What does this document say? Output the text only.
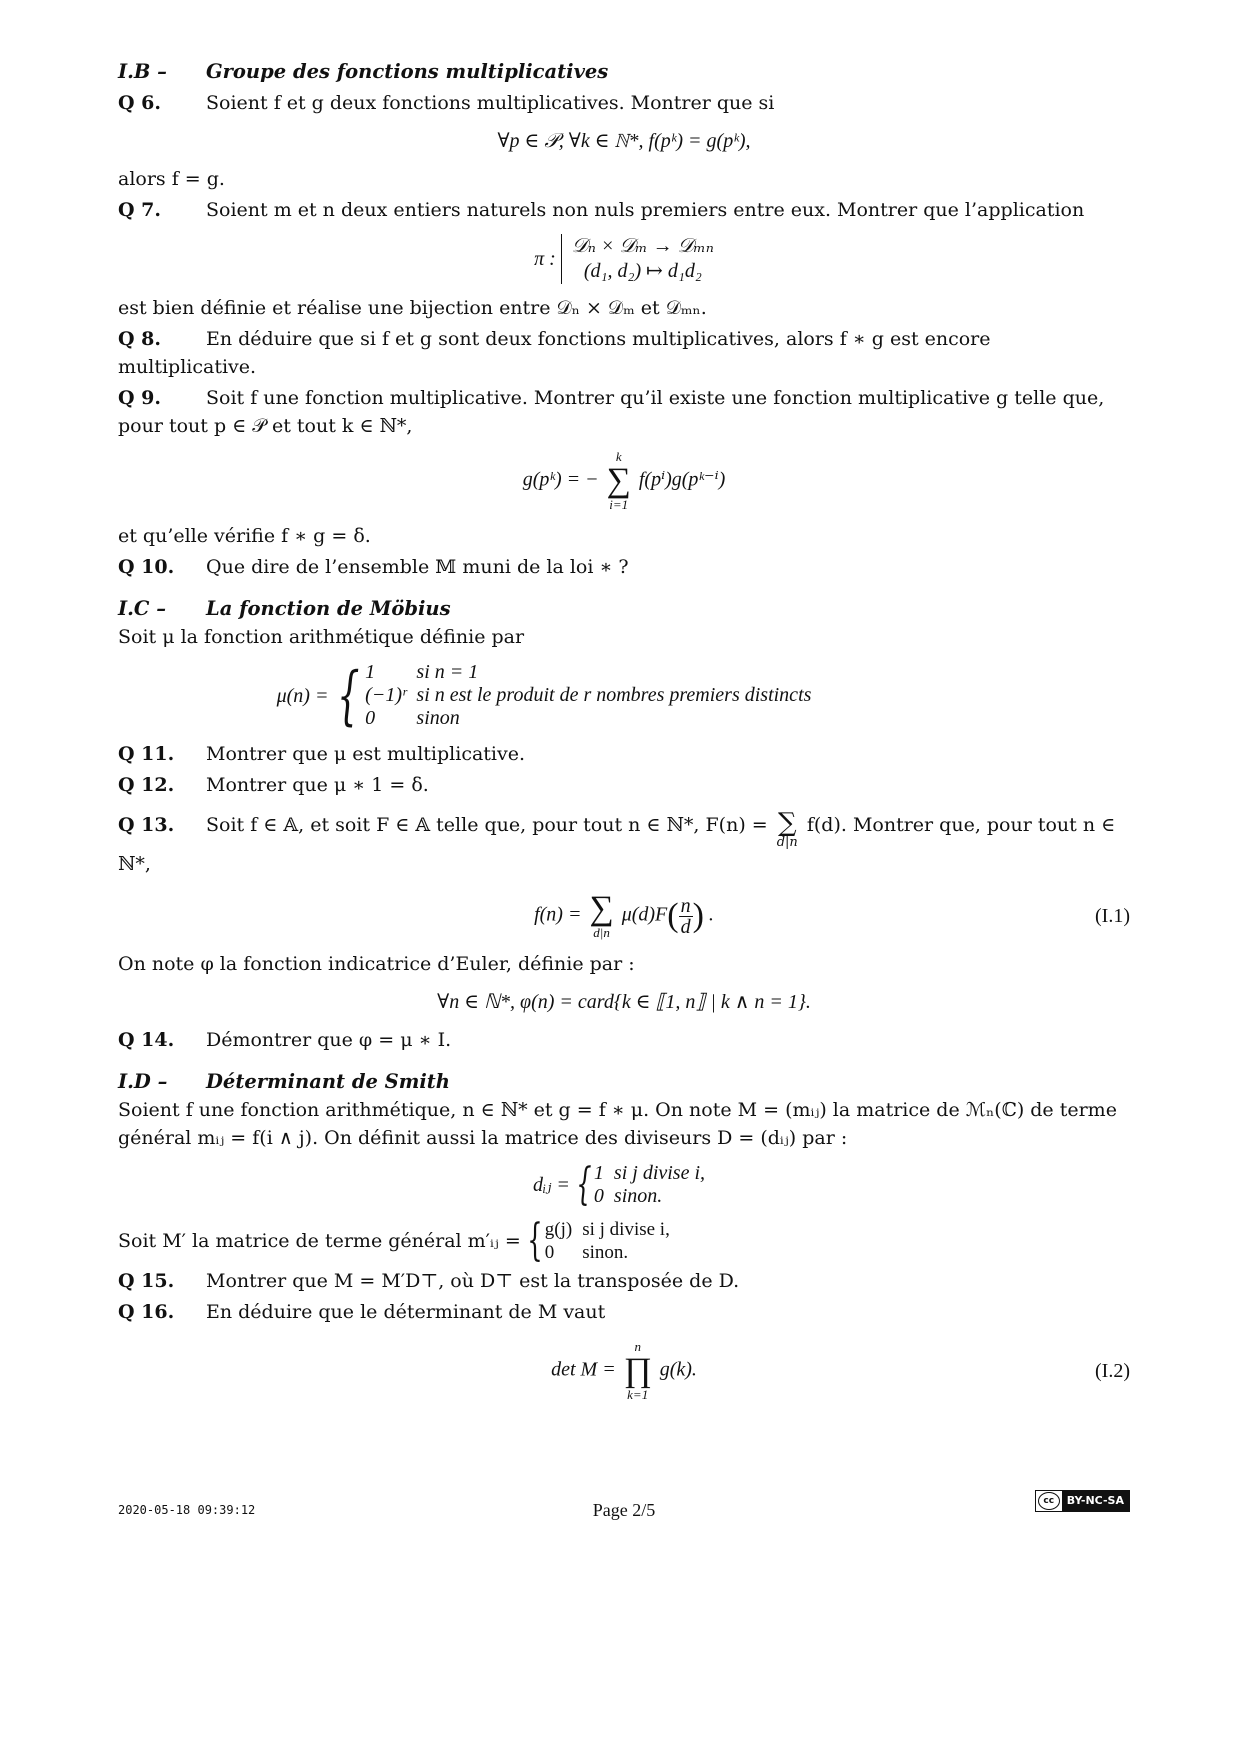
I.B – Groupe des fonctions multiplicatives
Q 6. Soient f et g deux fonctions multiplicatives. Montrer que si
∀p ∈ 𝒫, ∀k ∈ ℕ*, f(pᵏ) = g(pᵏ),
alors f = g.
Q 7. Soient m et n deux entiers naturels non nuls premiers entre eux. Montrer que l’application
π : 𝒟ₙ × 𝒟ₘ → 𝒟ₘₙ
(d₁, d₂) ↦ d₁d₂
est bien définie et réalise une bijection entre 𝒟ₙ × 𝒟ₘ et 𝒟ₘₙ.
Q 8. En déduire que si f et g sont deux fonctions multiplicatives, alors f ∗ g est encore multiplicative.
Q 9. Soit f une fonction multiplicative. Montrer qu’il existe une fonction multiplicative g telle que, pour tout p ∈ 𝒫 et tout k ∈ ℕ*,
g(pᵏ) = −
k
∑
i=1
f(pⁱ)g(pᵏ⁻ⁱ)
et qu’elle vérifie f ∗ g = δ.
Q 10. Que dire de l’ensemble 𝕄 muni de la loi ∗ ?
I.C – La fonction de Möbius
Soit μ la fonction arithmétique définie par
μ(n) = { 1	si n = 1
(−1)ʳ	si n est le produit de r nombres premiers distincts
0	sinon
Q 11. Montrer que μ est multiplicative.
Q 12. Montrer que μ ∗ 1 = δ.
Q 13. Soit f ∈ 𝔸, et soit F ∈ 𝔸 telle que, pour tout n ∈ ℕ*, F(n) = ∑
d|n
f(d). Montrer que, pour tout n ∈ ℕ*,
f(n) = ∑
d|n
$\mu(d)F( \frac{n}{d}$ ) .	(I.1)
On note φ la fonction indicatrice d’Euler, définie par :
∀n ∈ ℕ*, φ(n) = card{k ∈ ⟦1, n⟧ | k ∧ n = 1}.
Q 14. Démontrer que φ = μ ∗ I.
I.D – Déterminant de Smith
Soient f une fonction arithmétique, n ∈ ℕ* et g = f ∗ μ. On note M = (mᵢⱼ) la matrice de ℳₙ(ℂ) de terme général mᵢⱼ = f(i ∧ j). On définit aussi la matrice des diviseurs D = (dᵢⱼ) par :
dᵢⱼ = { 1	si j divise i,
0	sinon.
Soit M′ la matrice de terme général m′ᵢⱼ = { g(j)	si j divise i,
0	sinon.
Q 15. Montrer que M = M′D⊤, où D⊤ est la transposée de D.
Q 16. En déduire que le déterminant de M vaut
det M =
n
∏
k=1
g(k).	(I.2)
2020-05-18 09:39:12	Page 2/5	cc	BY-NC-SA
